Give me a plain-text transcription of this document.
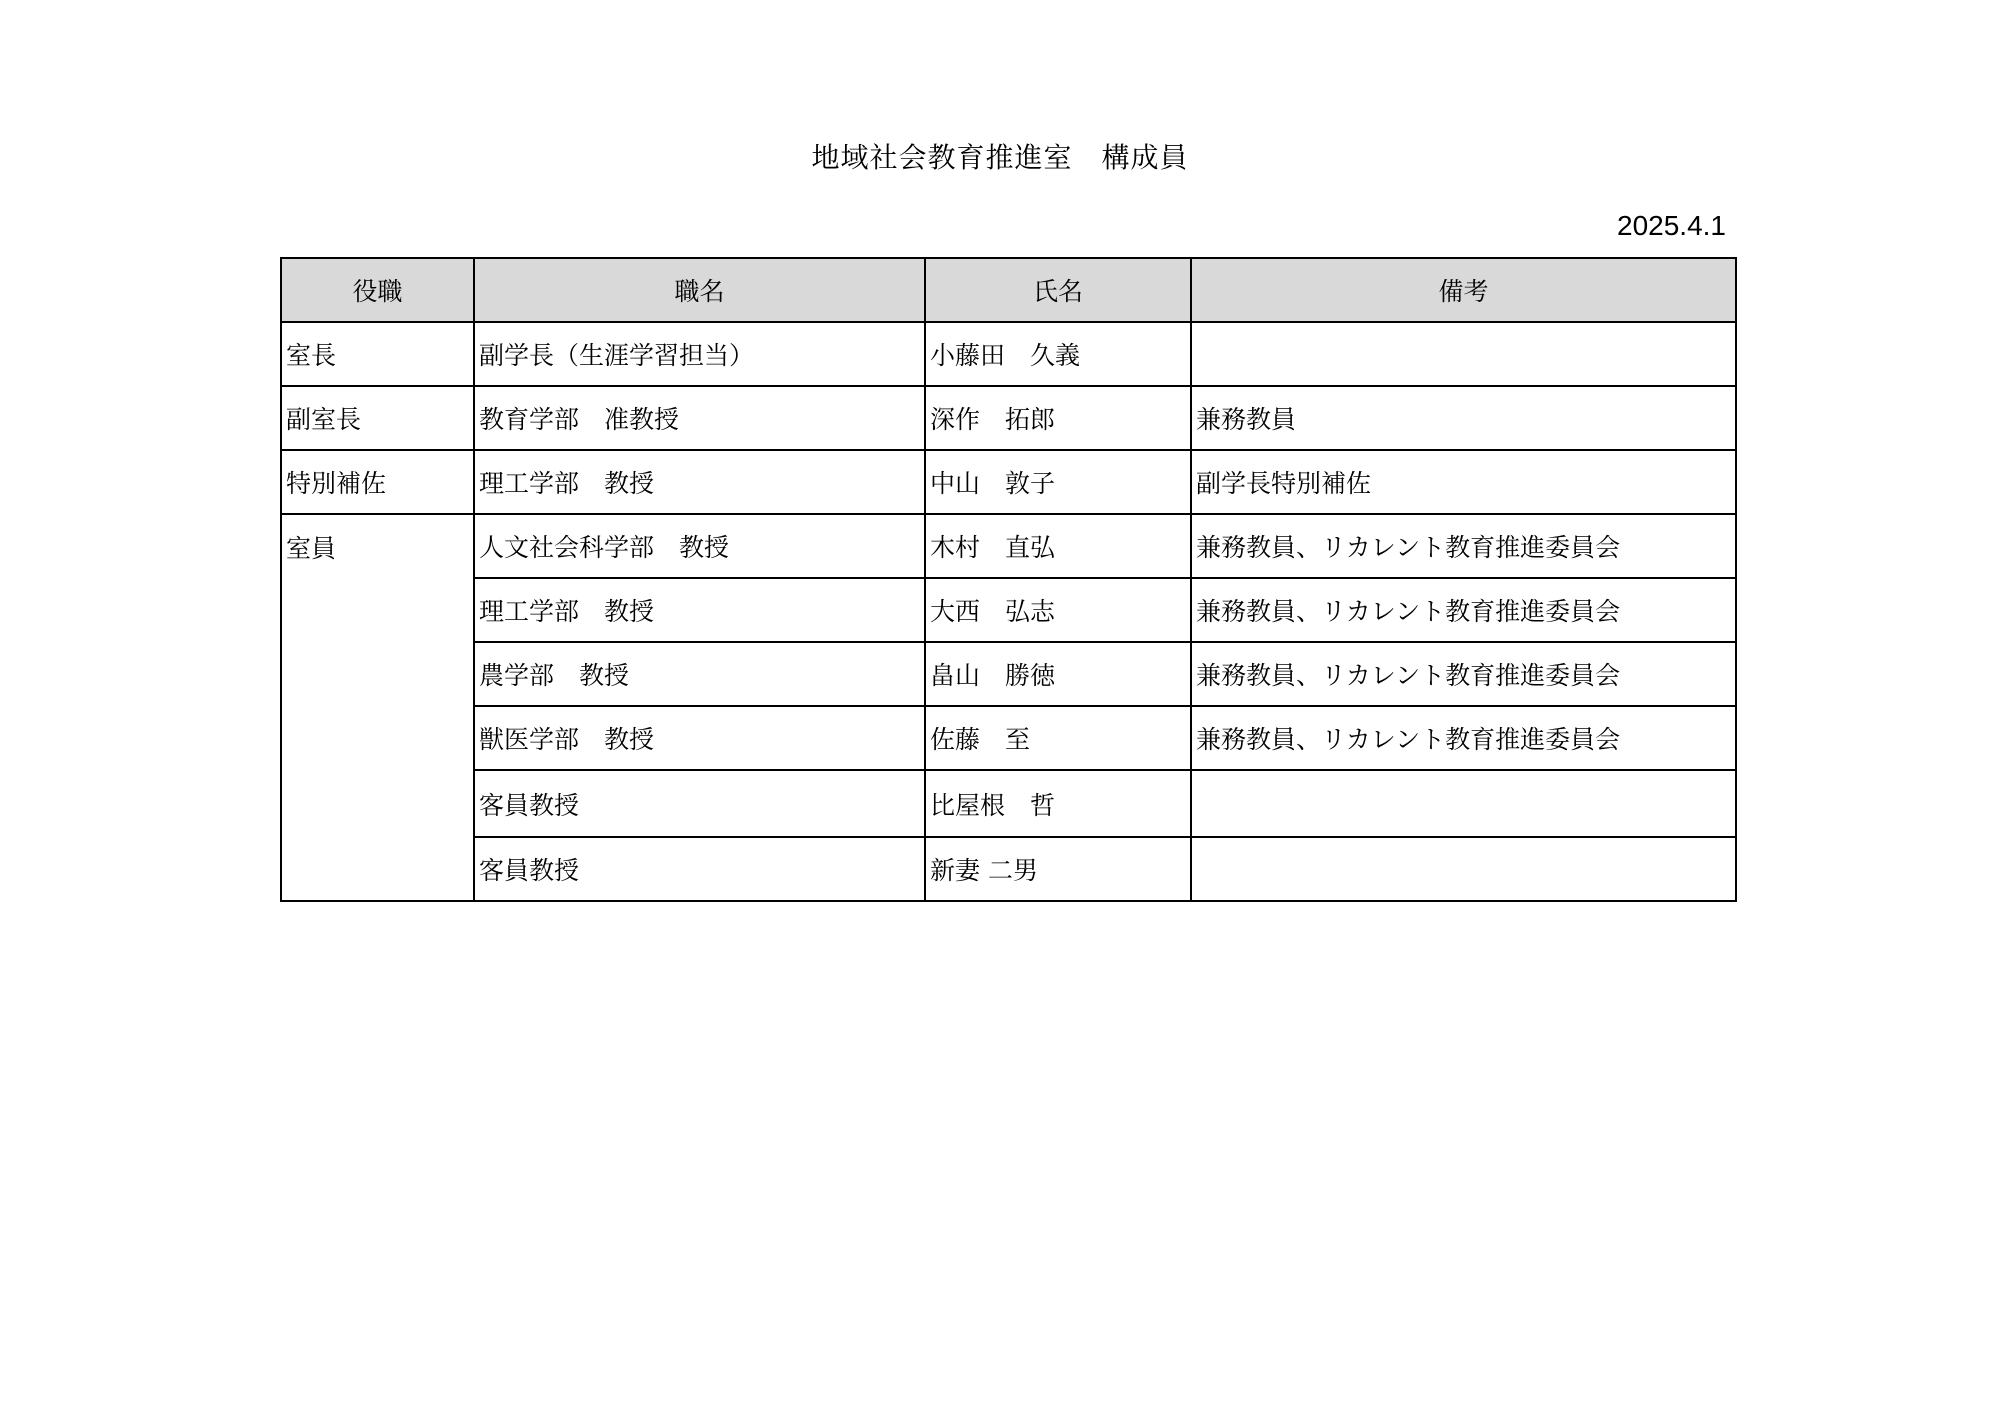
地域社会教育推進室　構成員
2025.4.1
役職	職名	氏名	備考
室長	副学長（生涯学習担当）	小藤田　久義	
副室長	教育学部　准教授	深作　拓郎	兼務教員
特別補佐	理工学部　教授	中山　敦子	副学長特別補佐
室員	人文社会科学部　教授	木村　直弘	兼務教員、リカレント教育推進委員会
	理工学部　教授	大西　弘志	兼務教員、リカレント教育推進委員会
	農学部　教授	畠山　勝徳	兼務教員、リカレント教育推進委員会
	獣医学部　教授	佐藤　至	兼務教員、リカレント教育推進委員会
	客員教授	比屋根　哲	
	客員教授	新妻 二男	
